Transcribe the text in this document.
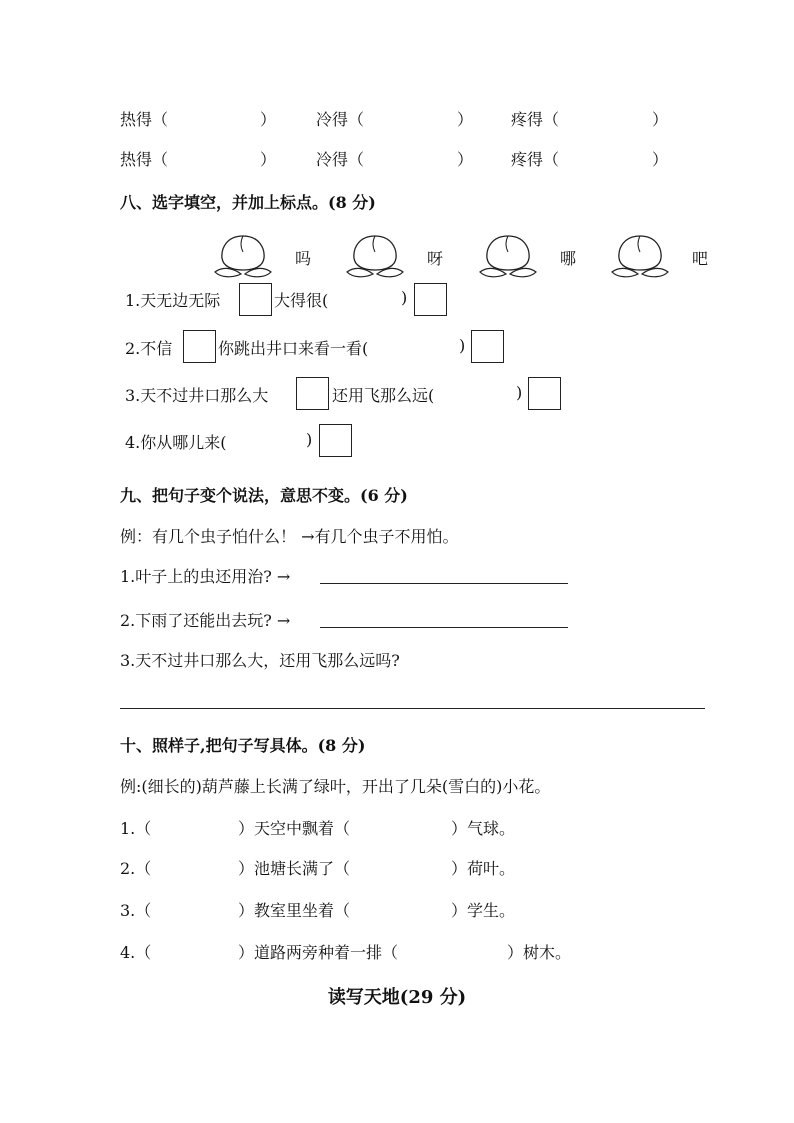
热得（	） 冷得（	） 疼得（	）
热得（	） 冷得（	） 疼得（	）
八、选字填空，并加上标点。(8 分)
吗	呀	哪	吧
1.天无边无际	大得很(	)
2.不信	你跳出井口来看一看(	)
3.天不过井口那么大	还用飞那么远(	)
4.你从哪儿来(	)
九、把句子变个说法，意思不变。(6 分)
例：有几个虫子怕什么！ →有几个虫子不用怕。
1.叶子上的虫还用治? →
2.下雨了还能出去玩? →
3.天不过井口那么大，还用飞那么远吗?
十、照样子,把句子写具体。(8 分)
例:(细长的)葫芦藤上长满了绿叶，开出了几朵(雪白的)小花。
1.（	）天空中飘着（	）气球。
2.（	）池塘长满了（	）荷叶。
3.（	）教室里坐着（	）学生。
4.（	）道路两旁种着一排（	）树木。
读写天地(29 分)
